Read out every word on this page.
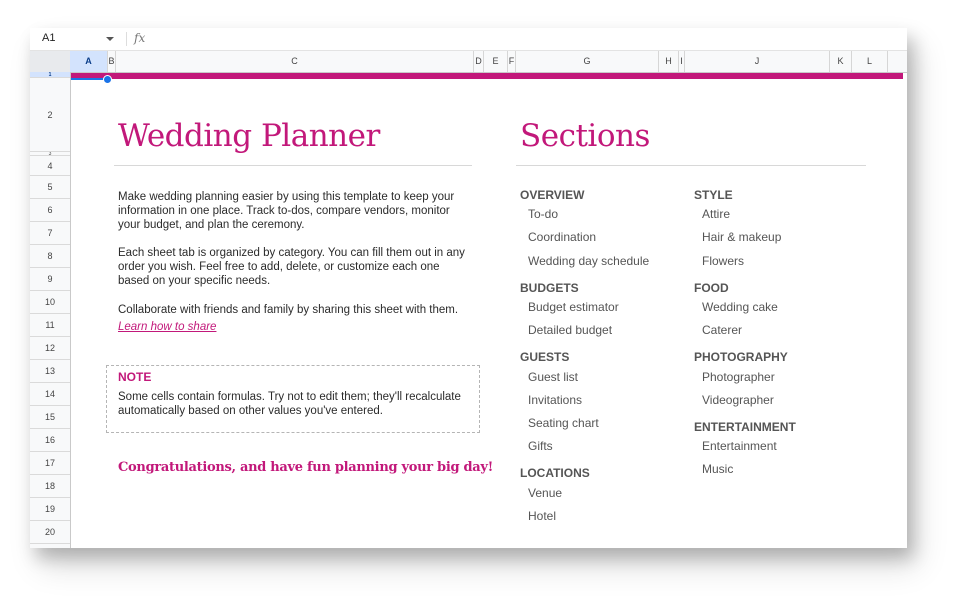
A1	fx
A	B	C	D	E	F	G	H I	J	K	L
1
2
3
4
5
6
7
8
9
10
11
12
13
14
15
16
17
18
19
20
Wedding Planner
Make wedding planning easier by using this template to keep your
information in one place. Track to-dos, compare vendors, monitor
your budget, and plan the ceremony.
Each sheet tab is organized by category. You can fill them out in any
order you wish. Feel free to add, delete, or customize each one
based on your specific needs.
Collaborate with friends and family by sharing this sheet with them.
Learn how to share
NOTE
Some cells contain formulas. Try not to edit them; they'll recalculate
automatically based on other values you've entered.
Congratulations, and have fun planning your big day!
Sections
OVERVIEW
To-do
Coordination
Wedding day schedule
BUDGETS
Budget estimator
Detailed budget
GUESTS
Guest list
Invitations
Seating chart
Gifts
LOCATIONS
Venue
Hotel
STYLE
Attire
Hair & makeup
Flowers
FOOD
Wedding cake
Caterer
PHOTOGRAPHY
Photographer
Videographer
ENTERTAINMENT
Entertainment
Music
